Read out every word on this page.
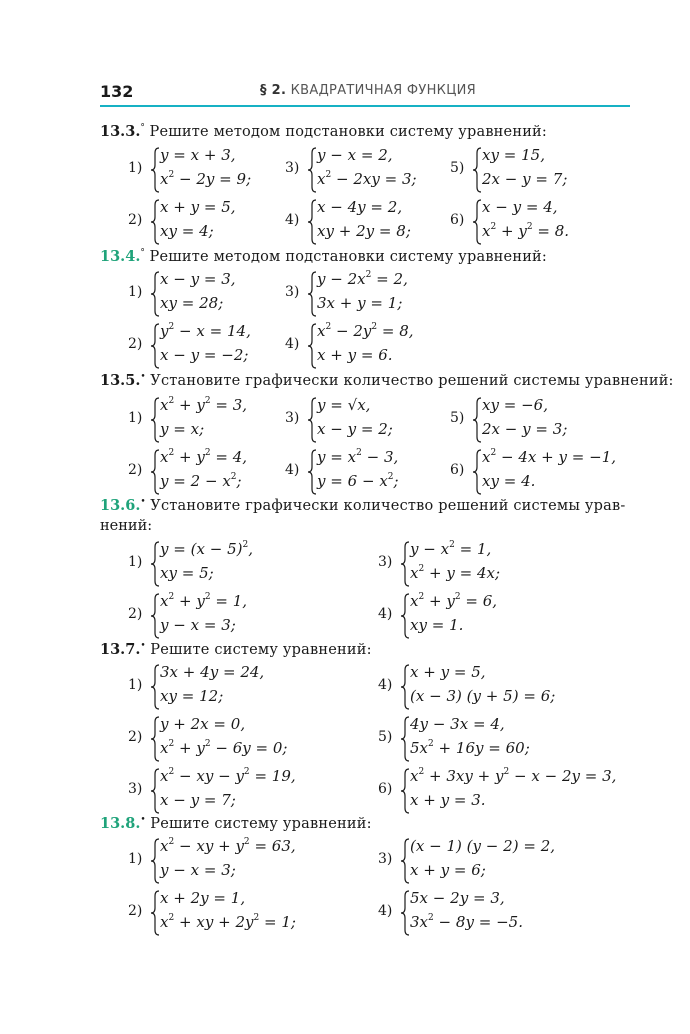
132	§ 2. КВАДРАТИЧНАЯ ФУНКЦИЯ
13.3.° Решите методом подстановки систему уравнений:
1)
y = x + 3,
$x^2 - 2y = 9$;
3)
y − x = 2,
$x^2 - 2xy = 3$;
5)
xy = 15,
2x − y = 7;
2)
x + y = 5,
xy = 4;
4)
x − 4y = 2,
xy + 2y = 8;
6)
x − y = 4,
$x^2 + y^2 = 8$.
13.4.° Решите методом подстановки систему уравнений:
1)
x − y = 3,
xy = 28;
3)
$y - 2x^2 = 2$,
3x + y = 1;
2)
$y^2 - x = 14$,
x − y = −2;
4)
$x^2 - 2y^2 = 8$,
x + y = 6.
13.5.• Установите графически количество решений системы уравнений:
1)
$x^2 + y^2 = 3$,
y = x;
3)
y = √x,
x − y = 2;
5)
xy = −6,
2x − y = 3;
2)
$x^2 + y^2 = 4$,
$y = 2 - x^2$;
4)
$y = x^2 - 3$,
$y = 6 - x^2$;
6)
$x^2 - 4x + y = -1$,
xy = 4.
13.6.• Установите графически количество решений системы урав-
нений:
1)
$y = (x - 5)^2$,
xy = 5;
3)
$y - x^2 = 1$,
$x^2 + y = 4x$;
2)
$x^2 + y^2 = 1$,
y − x = 3;
4)
$x^2 + y^2 = 6$,
xy = 1.
13.7.• Решите систему уравнений:
1)
3x + 4y = 24,
xy = 12;
4)
x + y = 5,
(x − 3) (y + 5) = 6;
2)
y + 2x = 0,
$x^2 + y^2 - 6y = 0$;
5)
4y − 3x = 4,
$5x^2 + 16y = 60$;
3)
$x^2$ − xy − $y^2 = 19$,
x − y = 7;
6)
$x^2 + 3xy + y^2 - x - 2y = 3$,
x + y = 3.
13.8.• Решите систему уравнений:
1)
$x^2$ − xy + $y^2 = 63$,
y − x = 3;
3)
(x − 1) (y − 2) = 2,
x + y = 6;
2)
x + 2y = 1,
$x^2$ + xy + $2y^2 = 1$;
4)
5x − 2y = 3,
$3x^2 - 8y = -5$.
